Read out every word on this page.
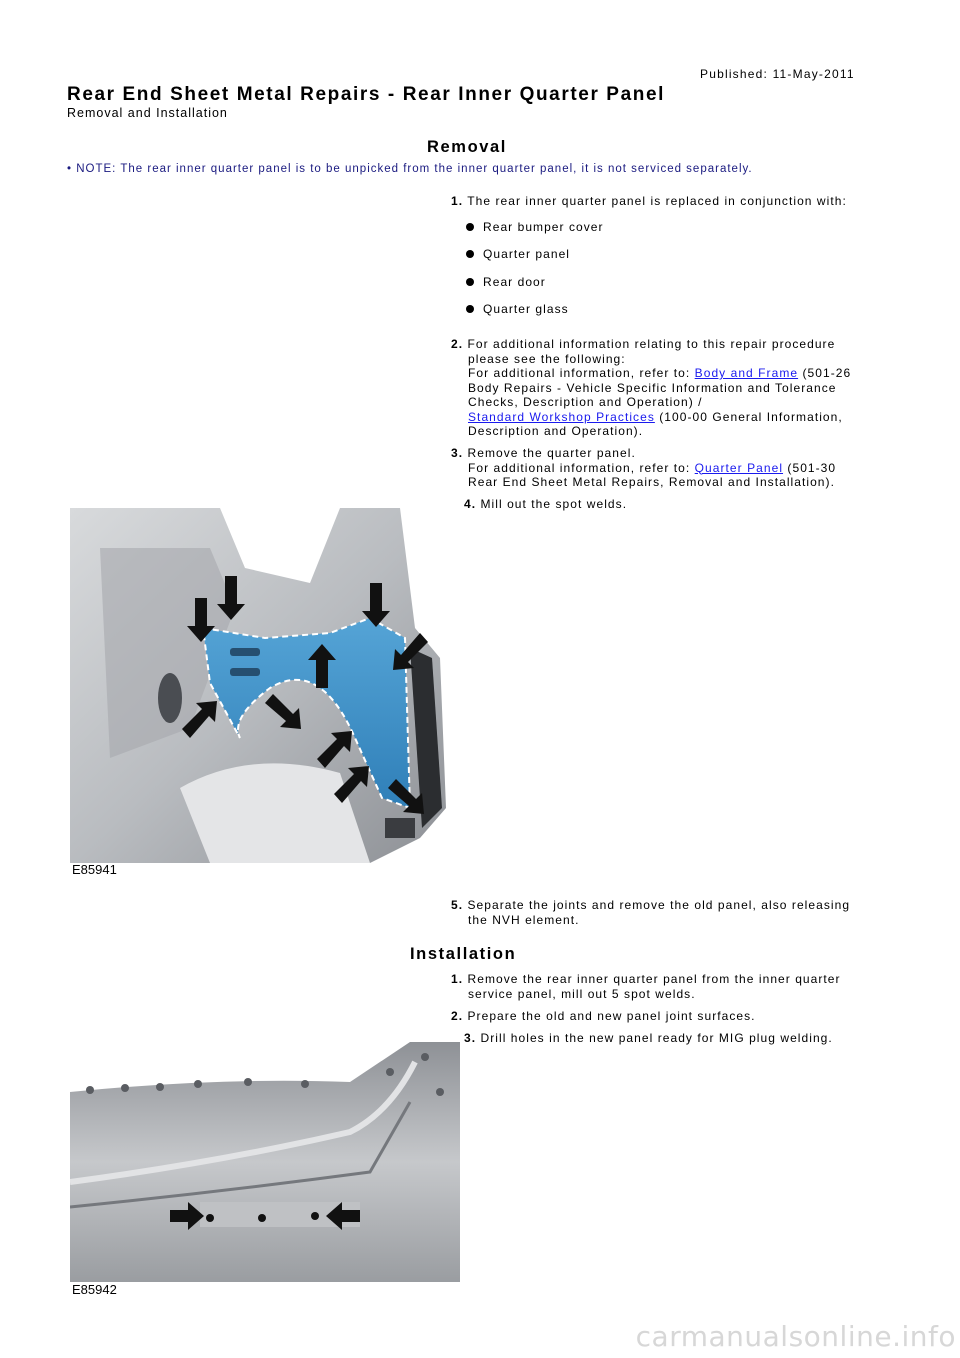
Published: 11-May-2011
Rear End Sheet Metal Repairs - Rear Inner Quarter Panel
Removal and Installation
Removal
• NOTE: The rear inner quarter panel is to be unpicked from the inner quarter panel, it is not serviced separately.
1. The rear inner quarter panel is replaced in conjunction with:
Rear bumper cover
Quarter panel
Rear door
Quarter glass
2. For additional information relating to this repair procedure
please see the following:
For additional information, refer to: Body and Frame (501-26
Body Repairs - Vehicle Specific Information and Tolerance
Checks, Description and Operation) /
Standard Workshop Practices (100-00 General Information,
Description and Operation).
3. Remove the quarter panel.
For additional information, refer to: Quarter Panel (501-30
Rear End Sheet Metal Repairs, Removal and Installation).
4. Mill out the spot welds.
E85941
5. Separate the joints and remove the old panel, also releasing
the NVH element.
Installation
1. Remove the rear inner quarter panel from the inner quarter
service panel, mill out 5 spot welds.
2. Prepare the old and new panel joint surfaces.
3. Drill holes in the new panel ready for MIG plug welding.
E85942
carmanualsonline.info
